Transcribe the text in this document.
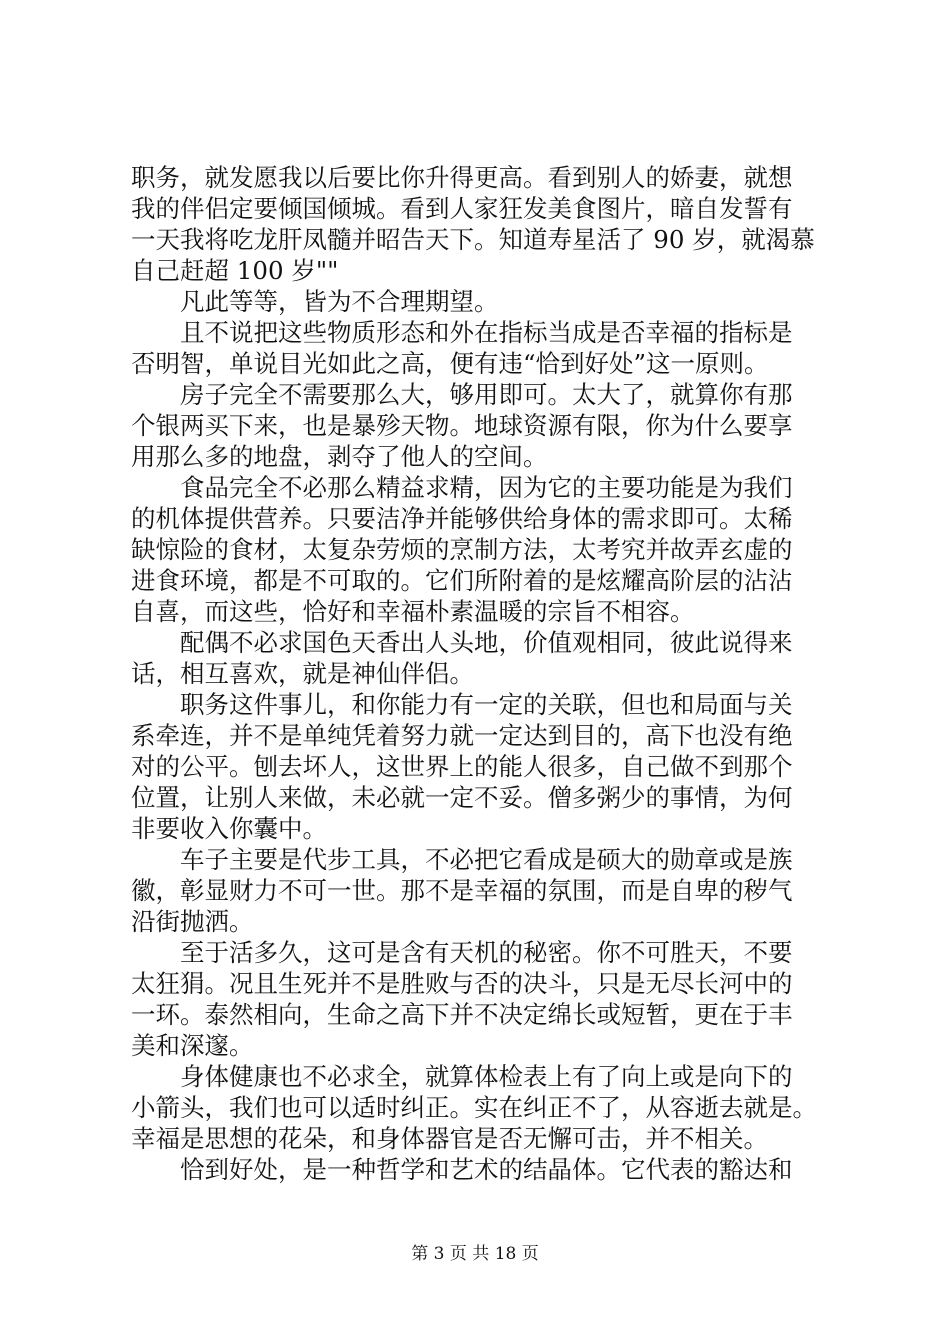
职务，就发愿我以后要比你升得更高。看到别人的娇妻，就想
我的伴侣定要倾国倾城。看到人家狂发美食图片，暗自发誓有
一天我将吃龙肝凤髓并昭告天下。知道寿星活了 90 岁，就渴慕
自己赶超 100 岁""
凡此等等，皆为不合理期望。
且不说把这些物质形态和外在指标当成是否幸福的指标是
否明智，单说目光如此之高，便有违“恰到好处”这一原则。
房子完全不需要那么大，够用即可。太大了，就算你有那
个银两买下来，也是暴殄天物。地球资源有限，你为什么要享
用那么多的地盘，剥夺了他人的空间。
食品完全不必那么精益求精，因为它的主要功能是为我们
的机体提供营养。只要洁净并能够供给身体的需求即可。太稀
缺惊险的食材，太复杂劳烦的烹制方法，太考究并故弄玄虚的
进食环境，都是不可取的。它们所附着的是炫耀高阶层的沾沾
自喜，而这些，恰好和幸福朴素温暖的宗旨不相容。
配偶不必求国色天香出人头地，价值观相同，彼此说得来
话，相互喜欢，就是神仙伴侣。
职务这件事儿，和你能力有一定的关联，但也和局面与关
系牵连，并不是单纯凭着努力就一定达到目的，高下也没有绝
对的公平。刨去坏人，这世界上的能人很多，自己做不到那个
位置，让别人来做，未必就一定不妥。僧多粥少的事情，为何
非要收入你囊中。
车子主要是代步工具，不必把它看成是硕大的勋章或是族
徽，彰显财力不可一世。那不是幸福的氛围，而是自卑的秽气
沿街抛洒。
至于活多久，这可是含有天机的秘密。你不可胜天，不要
太狂狷。况且生死并不是胜败与否的决斗，只是无尽长河中的
一环。泰然相向，生命之高下并不决定绵长或短暂，更在于丰
美和深邃。
身体健康也不必求全，就算体检表上有了向上或是向下的
小箭头，我们也可以适时纠正。实在纠正不了，从容逝去就是。
幸福是思想的花朵，和身体器官是否无懈可击，并不相关。
恰到好处，是一种哲学和艺术的结晶体。它代表的豁达和
第 3 页 共 18 页
